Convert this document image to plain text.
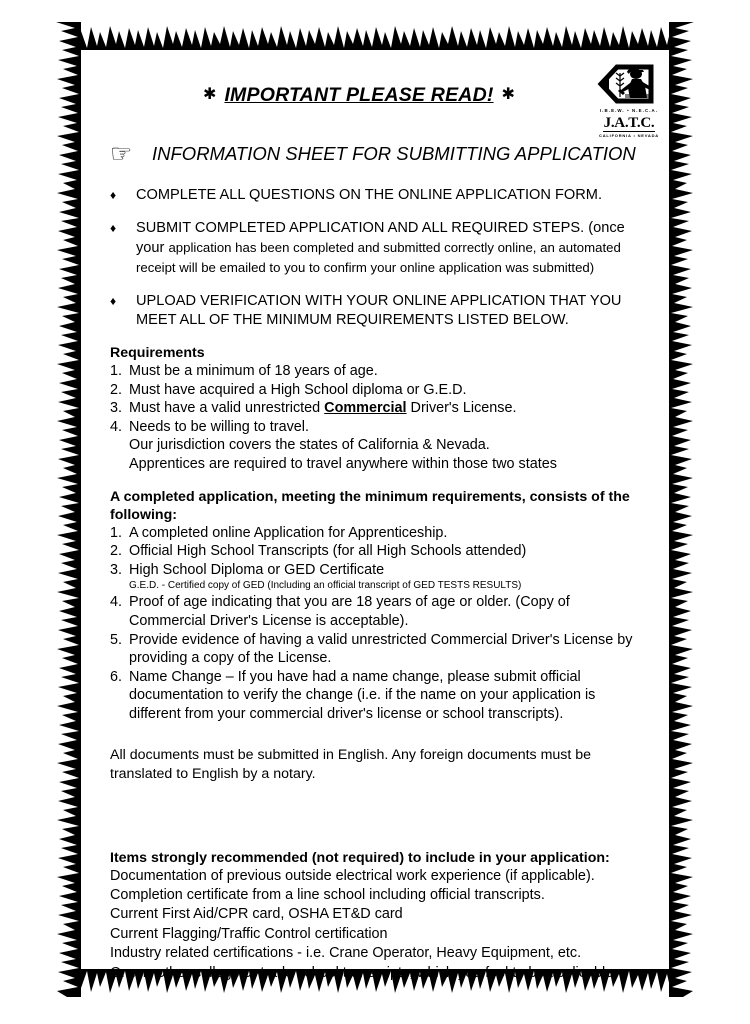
I.B.E.W. • N.E.C.A.
J.A.T.C.
CALIFORNIA • NEVADA
✱ IMPORTANT PLEASE READ! ✱
☞	INFORMATION SHEET FOR SUBMITTING APPLICATION
♦	COMPLETE ALL QUESTIONS ON THE ONLINE APPLICATION FORM.
♦	SUBMIT COMPLETED APPLICATION AND ALL REQUIRED STEPS. (once your application has been completed and submitted correctly online, an automated receipt will be emailed to you to confirm your online application was submitted)
♦	UPLOAD VERIFICATION WITH YOUR ONLINE APPLICATION THAT YOU MEET ALL OF THE MINIMUM REQUIREMENTS LISTED BELOW.
Requirements
1. Must be a minimum of 18 years of age.
2. Must have acquired a High School diploma or G.E.D.
3. Must have a valid unrestricted Commercial Driver's License.
4. Needs to be willing to travel.
Our jurisdiction covers the states of California & Nevada.
Apprentices are required to travel anywhere within those two states
A completed application, meeting the minimum requirements, consists of the following:
1. A completed online Application for Apprenticeship.
2. Official High School Transcripts (for all High Schools attended)
3. High School Diploma or GED Certificate
G.E.D. - Certified copy of GED (Including an official transcript of GED TESTS RESULTS)
4. Proof of age indicating that you are 18 years of age or older. (Copy of Commercial Driver's License is acceptable).
5. Provide evidence of having a valid unrestricted Commercial Driver's License by providing a copy of the License.
6. Name Change – If you have had a name change, please submit official documentation to verify the change (i.e. if the name on your application is different from your commercial driver's license or school transcripts).
All documents must be submitted in English. Any foreign documents must be translated to English by a notary.
Items strongly recommended (not required) to include in your application:
Documentation of previous outside electrical work experience (if applicable).
Completion certificate from a line school including official transcripts.
Current First Aid/CPR card, OSHA ET&D card
Current Flagging/Traffic Control certification
Industry related certifications - i.e. Crane Operator, Heavy Equipment, etc.
Or any other college or trade school transcripts, which you feel to be applicable.
